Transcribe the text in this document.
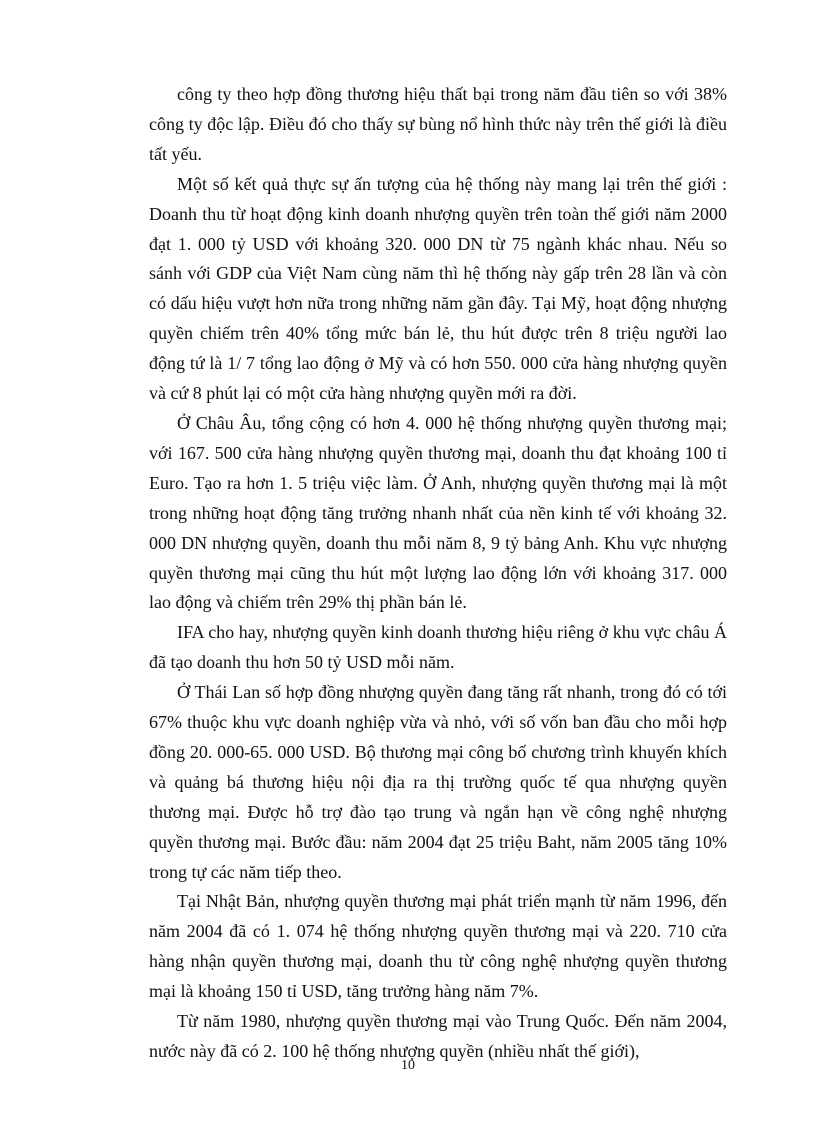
công ty theo hợp đồng thương hiệu thất bại trong năm đầu tiên so với 38% công ty độc lập. Điều đó cho thấy sự bùng nổ hình thức này trên thế giới là điều tất yếu.

Một số kết quả thực sự ấn tượng của hệ thống này mang lại trên thế giới : Doanh thu từ hoạt động kinh doanh nhượng quyền trên toàn thế giới năm 2000 đạt 1. 000 tỷ USD với khoảng 320. 000 DN từ 75 ngành khác nhau. Nếu so sánh với GDP của Việt Nam cùng năm thì hệ thống này gấp trên 28 lần và còn có dấu hiệu vượt hơn nữa trong những năm gần đây. Tại Mỹ, hoạt động nhượng quyền chiếm trên 40% tổng mức bán lẻ, thu hút được trên 8 triệu người lao động tứ là 1/ 7 tổng lao động ở Mỹ và có hơn 550. 000 cửa hàng nhượng quyền và cứ 8 phút lại có một cửa hàng nhượng quyền mới ra đời.

Ở Châu Âu, tổng cộng có hơn 4. 000 hệ thống nhượng quyền thương mại; với 167. 500 cửa hàng nhượng quyền thương mại, doanh thu đạt khoảng 100 tỉ Euro. Tạo ra hơn 1. 5 triệu việc làm. Ở Anh, nhượng quyền thương mại là một trong những hoạt động tăng trưởng nhanh nhất của nền kinh tế với khoảng 32. 000 DN nhượng quyền, doanh thu mỗi năm 8, 9 tỷ bảng Anh. Khu vực nhượng quyền thương mại cũng thu hút một lượng lao động lớn với khoảng 317. 000 lao động và chiếm trên 29% thị phần bán lẻ.

IFA cho hay, nhượng quyền kinh doanh thương hiệu riêng ở khu vực châu Á đã tạo doanh thu hơn 50 tỷ USD mỗi năm.

Ở Thái Lan số hợp đồng nhượng quyền đang tăng rất nhanh, trong đó có tới 67% thuộc khu vực doanh nghiệp vừa và nhỏ, với số vốn ban đầu cho mỗi hợp đồng 20. 000-65. 000 USD. Bộ thương mại công bố chương trình khuyến khích và quảng bá thương hiệu nội địa ra thị trường quốc tế qua nhượng quyền thương mại. Được hỗ trợ đào tạo trung và ngắn hạn về công nghệ nhượng quyền thương mại. Bước đầu: năm 2004 đạt 25 triệu Baht, năm 2005 tăng 10% trong tự các năm tiếp theo.

Tại Nhật Bản, nhượng quyền thương mại phát triển mạnh từ năm 1996, đến năm 2004 đã có 1. 074 hệ thống nhượng quyền thương mại và 220. 710 cửa hàng nhận quyền thương mại, doanh thu từ công nghệ nhượng quyền thương mại là khoảng 150 tỉ USD, tăng trưởng hàng năm 7%.

Từ năm 1980, nhượng quyền thương mại vào Trung Quốc. Đến năm 2004, nước này đã có 2. 100 hệ thống nhượng quyền (nhiều nhất thế giới),

10
